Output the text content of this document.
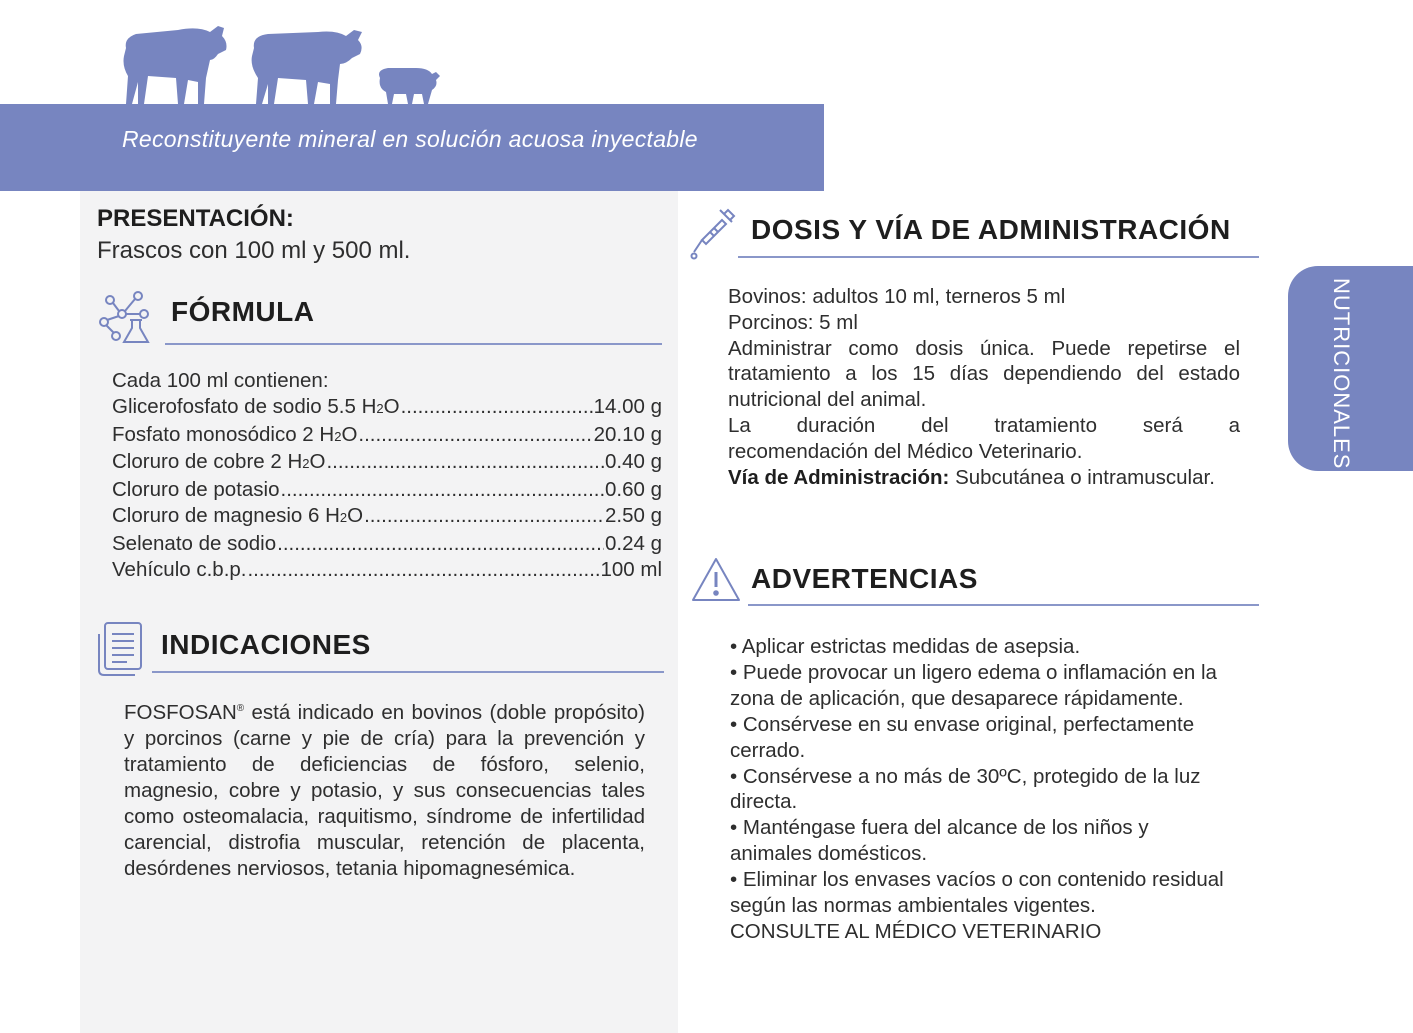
Reconstituyente mineral en solución acuosa inyectable
NUTRICIONALES
PRESENTACIÓN:
Frascos con 100 ml y 500 ml.
FÓRMULA
Cada 100 ml contienen:
Glicerofosfato de sodio 5.5 H 2 O .....	14.00 g
Fosfato monosódico 2 H 2 O .....	20.10 g
Cloruro de cobre 2 H 2 O .....	0.40 g
Cloruro de potasio .....	0.60 g
Cloruro de magnesio 6 H 2 O .....	2.50 g
Selenato de sodio .....	0.24 g
Vehículo c.b.p. .....	100 ml
INDICACIONES
FOSFOSAN® está indicado en bovinos (doble propósito) y porcinos (carne y pie de cría) para la prevención y tratamiento de deficiencias de fósforo, selenio, magnesio, cobre y potasio, y sus consecuencias tales como osteomalacia, raquitismo, síndrome de infertilidad carencial, distrofia muscular, retención de placenta, desórdenes nerviosos, tetania hipomagnesémica.
DOSIS Y VÍA DE ADMINISTRACIÓN
Bovinos: adultos 10 ml, terneros 5 ml
Porcinos: 5 ml
Administrar como dosis única. Puede repetirse el tratamiento a los 15 días dependiendo del estado nutricional del animal.
La duración del tratamiento será a
recomendación del Médico Veterinario.
Vía de Administración: Subcutánea o intramuscular.
ADVERTENCIAS
• Aplicar estrictas medidas de asepsia.
• Puede provocar un ligero edema o inflamación en la zona de aplicación, que desaparece rápidamente.
• Consérvese en su envase original, perfectamente cerrado.
• Consérvese a no más de 30ºC, protegido de la luz directa.
• Manténgase fuera del alcance de los niños y animales domésticos.
• Eliminar los envases vacíos o con contenido residual según las normas ambientales vigentes.
CONSULTE AL MÉDICO VETERINARIO
